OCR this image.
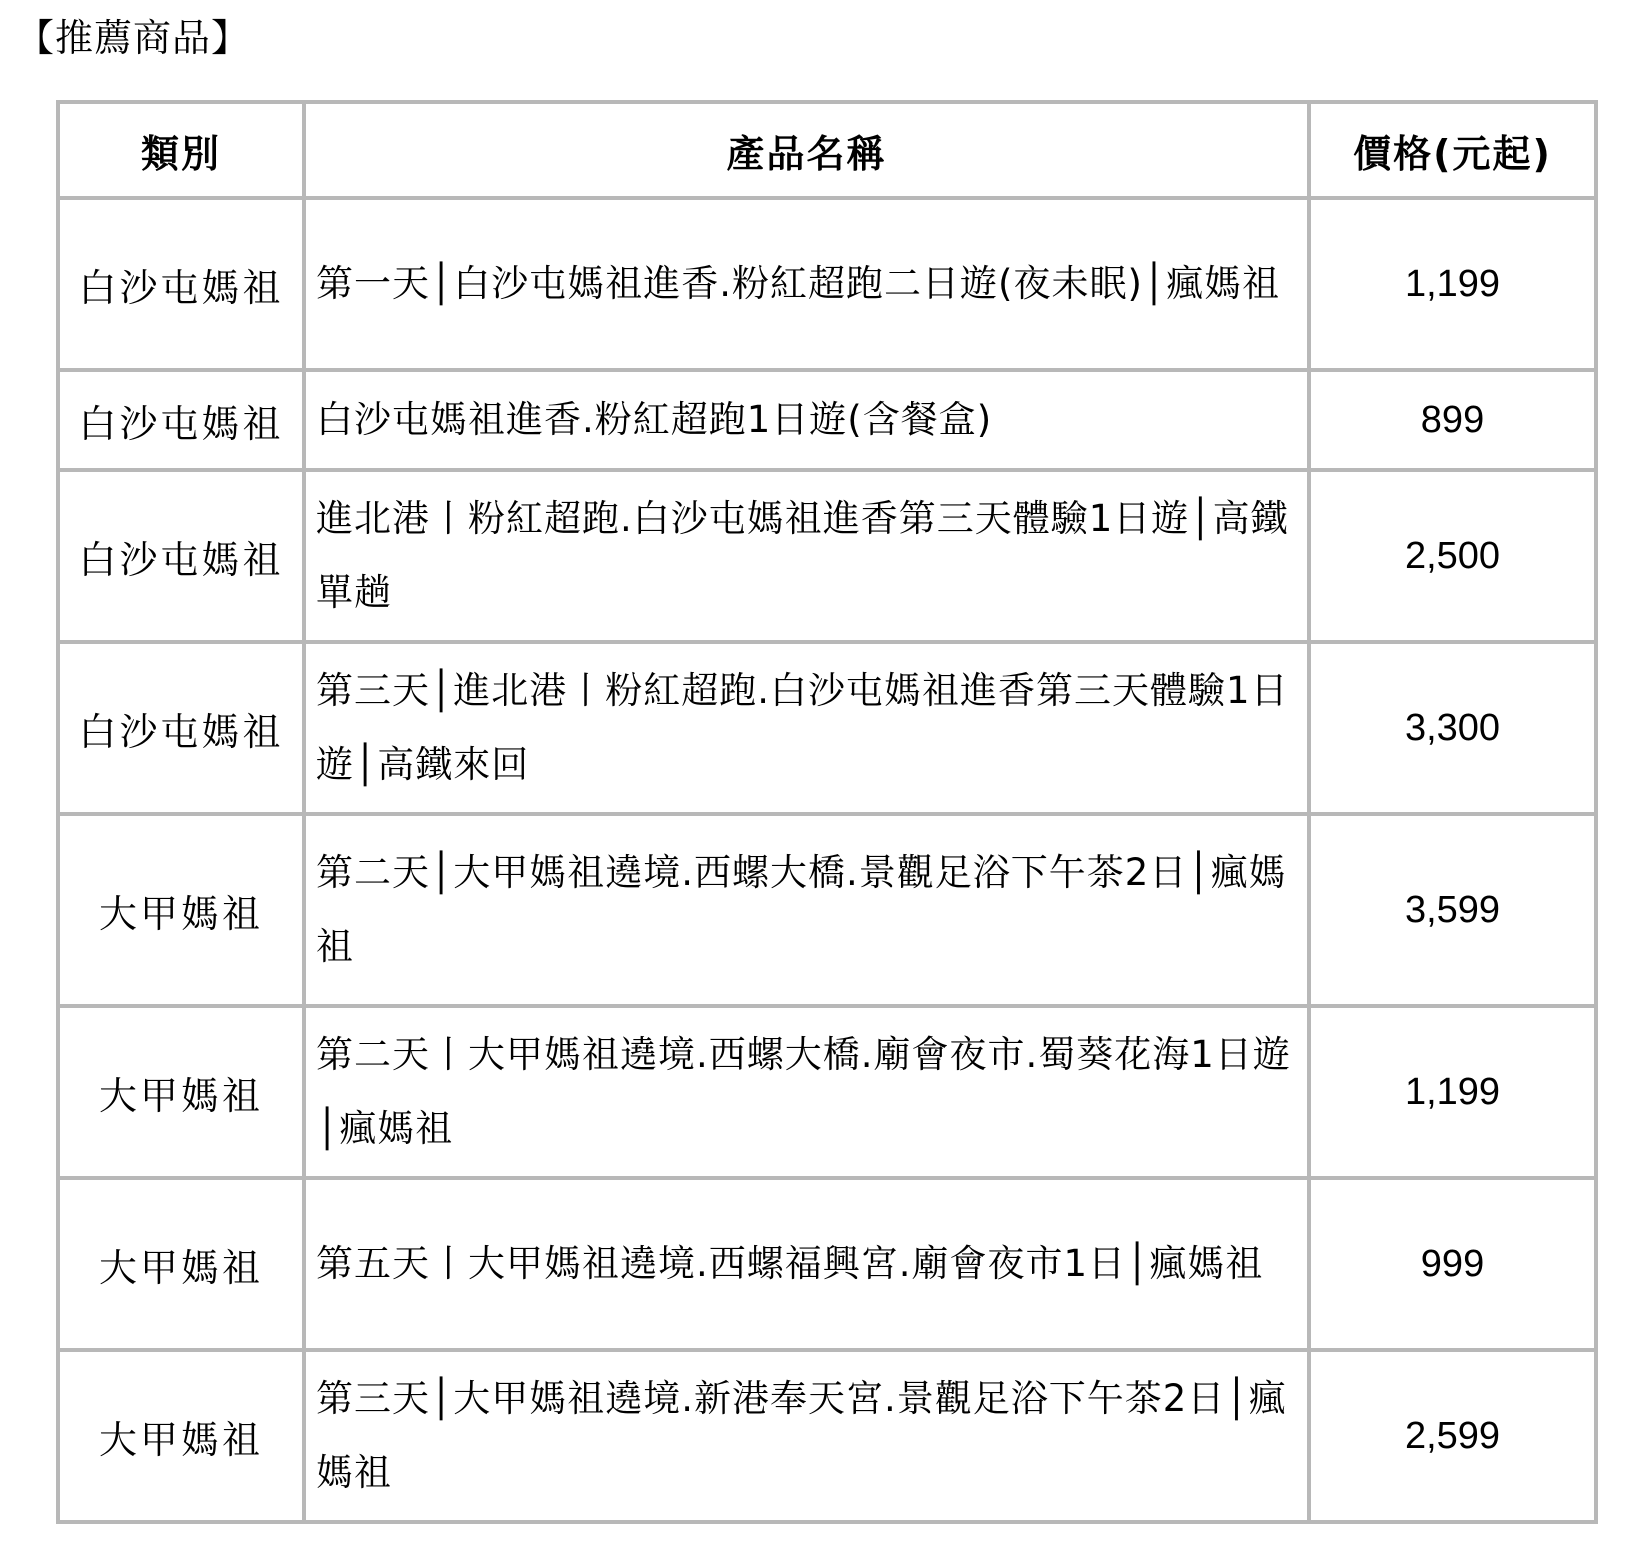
【推薦商品】
類別	產品名稱	價格(元起)
白沙屯媽祖	第一天│白沙屯媽祖進香.粉紅超跑二日遊(夜未眠)│瘋媽祖	1,199
白沙屯媽祖	白沙屯媽祖進香.粉紅超跑1日遊(含餐盒)	899
白沙屯媽祖	進北港丨粉紅超跑.白沙屯媽祖進香第三天體驗1日遊│高鐵單趟	2,500
白沙屯媽祖	第三天│進北港丨粉紅超跑.白沙屯媽祖進香第三天體驗1日遊│高鐵來回	3,300
大甲媽祖	第二天│大甲媽祖遶境.西螺大橋.景觀足浴下午茶2日│瘋媽祖	3,599
大甲媽祖	第二天丨大甲媽祖遶境.西螺大橋.廟會夜市.蜀葵花海1日遊│瘋媽祖	1,199
大甲媽祖	第五天丨大甲媽祖遶境.西螺福興宮.廟會夜市1日│瘋媽祖	999
大甲媽祖	第三天│大甲媽祖遶境.新港奉天宮.景觀足浴下午茶2日│瘋媽祖	2,599
